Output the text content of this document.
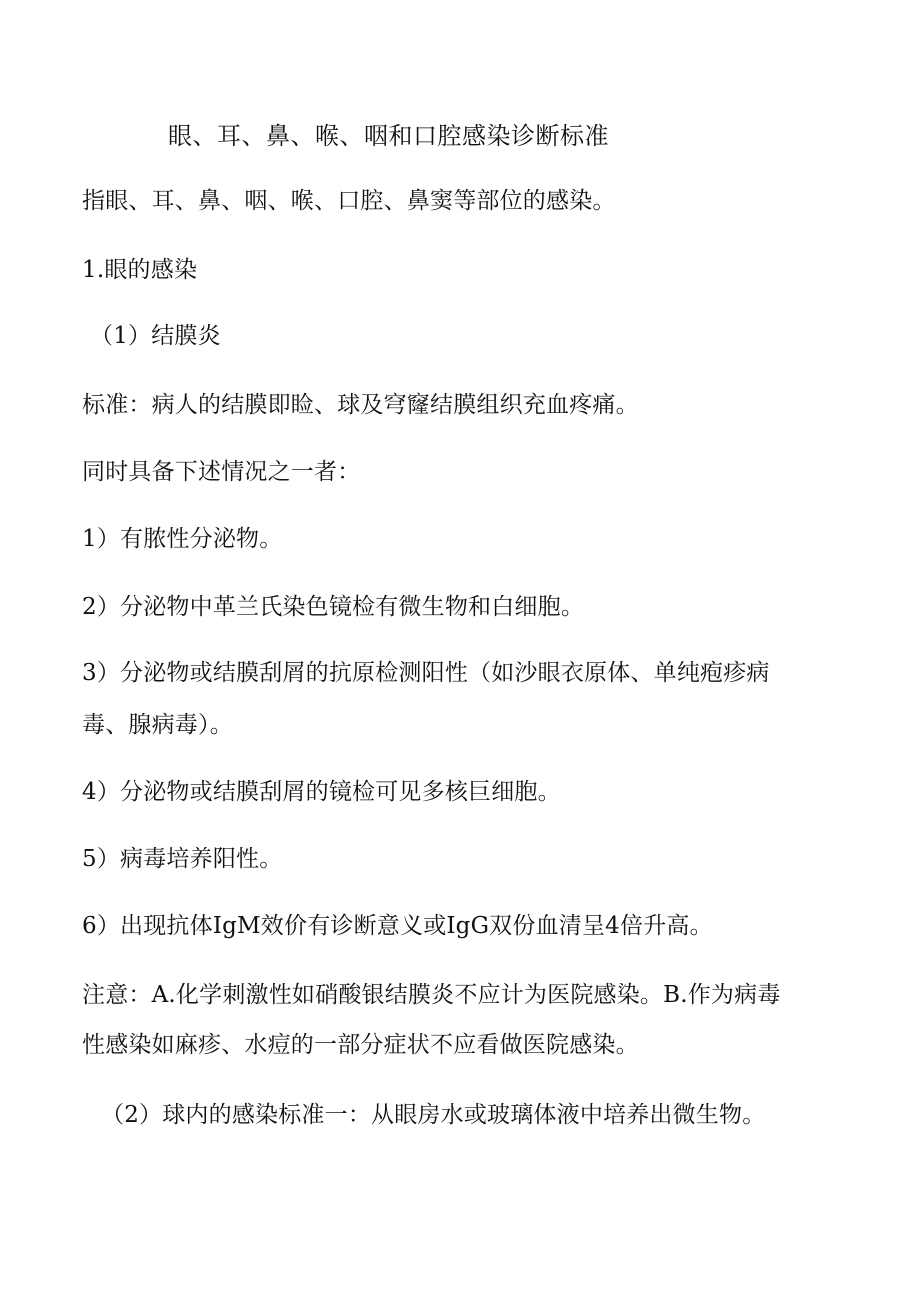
眼、耳、鼻、喉、咽和口腔感染诊断标准
指眼、耳、鼻、咽、喉、口腔、鼻窦等部位的感染。
1.眼的感染
（1）结膜炎
标准：病人的结膜即睑、球及穹窿结膜组织充血疼痛。
同时具备下述情况之一者：
1）有脓性分泌物。
2）分泌物中革兰氏染色镜检有微生物和白细胞。
3）分泌物或结膜刮屑的抗原检测阳性（如沙眼衣原体、单纯疱疹病
毒、腺病毒）。
4）分泌物或结膜刮屑的镜检可见多核巨细胞。
5）病毒培养阳性。
6）出现抗体IgM效价有诊断意义或IgG双份血清呈4倍升高。
注意：A.化学刺激性如硝酸银结膜炎不应计为医院感染。B.作为病毒
性感染如麻疹、水痘的一部分症状不应看做医院感染。
（2）球内的感染标准一：从眼房水或玻璃体液中培养出微生物。
